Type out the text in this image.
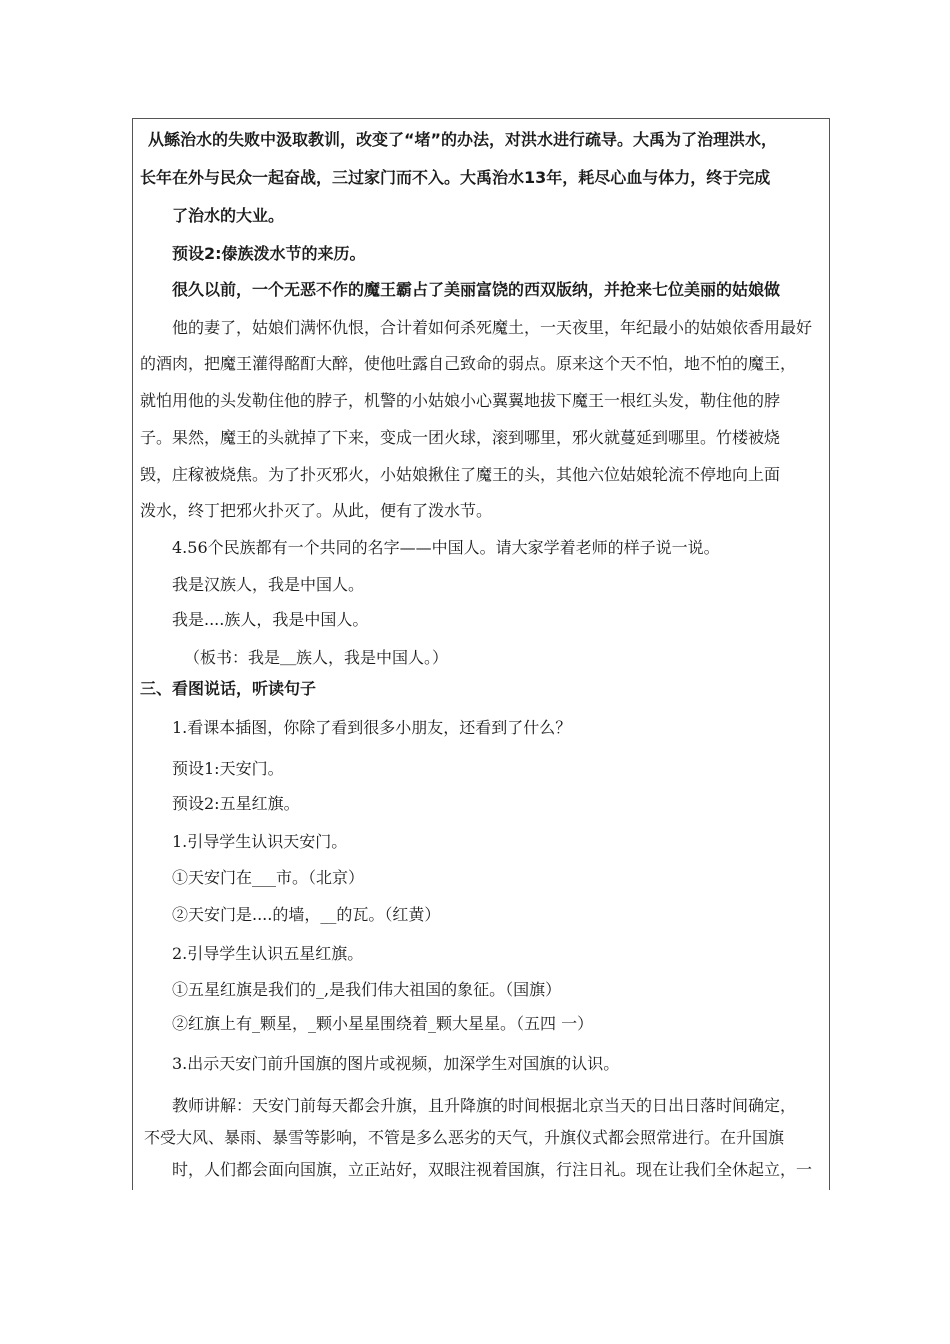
从鲧治水的失败中汲取教训，改变了“堵”的办法，对洪水进行疏导。大禹为了治理洪水，
长年在外与民众一起奋战，三过家门而不入。大禹治水13年，耗尽心血与体力，终于完成
了治水的大业。
预设2:傣族泼水节的来历。
很久以前，一个无恶不作的魔王霸占了美丽富饶的西双版纳，并抢来七位美丽的姑娘做
他的妻了，姑娘们满怀仇恨，合计着如何杀死魔土，一天夜里，年纪最小的姑娘依香用最好
的酒肉，把魔王灌得酩酊大醉，使他吐露自己致命的弱点。原来这个天不怕，地不怕的魔王，
就怕用他的头发勒住他的脖子，机警的小姑娘小心翼翼地拔下魔王一根红头发，勒住他的脖
子。果然，魔王的头就掉了下来，变成一团火球，滚到哪里，邪火就蔓延到哪里。竹楼被烧
毁，庄稼被烧焦。为了扑灭邪火，小姑娘揪住了魔王的头，其他六位姑娘轮流不停地向上面
泼水，终丁把邪火扑灭了。从此，便有了泼水节。
4.56个民族都有一个共同的名字——中国人。请大家学着老师的样子说一说。
我是汉族人，我是中国人。
我是....族人，我是中国人。
（板书：我是＿族人，我是中国人。）
三、看图说话，听读句子
1.看课本插图，你除了看到很多小朋友，还看到了什么？
预设1:天安门。
预设2:五星红旗。
1.引导学生认识天安门。
①天安门在___市。（北京）
②天安门是....的墙，__的瓦。（红黄）
2.引导学生认识五星红旗。
①五星红旗是我们的_,是我们伟大祖国的象征。（国旗）
②红旗上有_颗星，_颗小星星围绕着_颗大星星。（五四 一）
3.出示天安门前升国旗的图片或视频，加深学生对国旗的认识。
教师讲解：天安门前每天都会升旗，且升降旗的时间根据北京当天的日出日落时间确定，
不受大风、暴雨、暴雪等影响，不管是多么恶劣的天气，升旗仪式都会照常进行。在升国旗
时，人们都会面向国旗，立正站好，双眼注视着国旗，行注日礼。现在让我们全休起立，一
